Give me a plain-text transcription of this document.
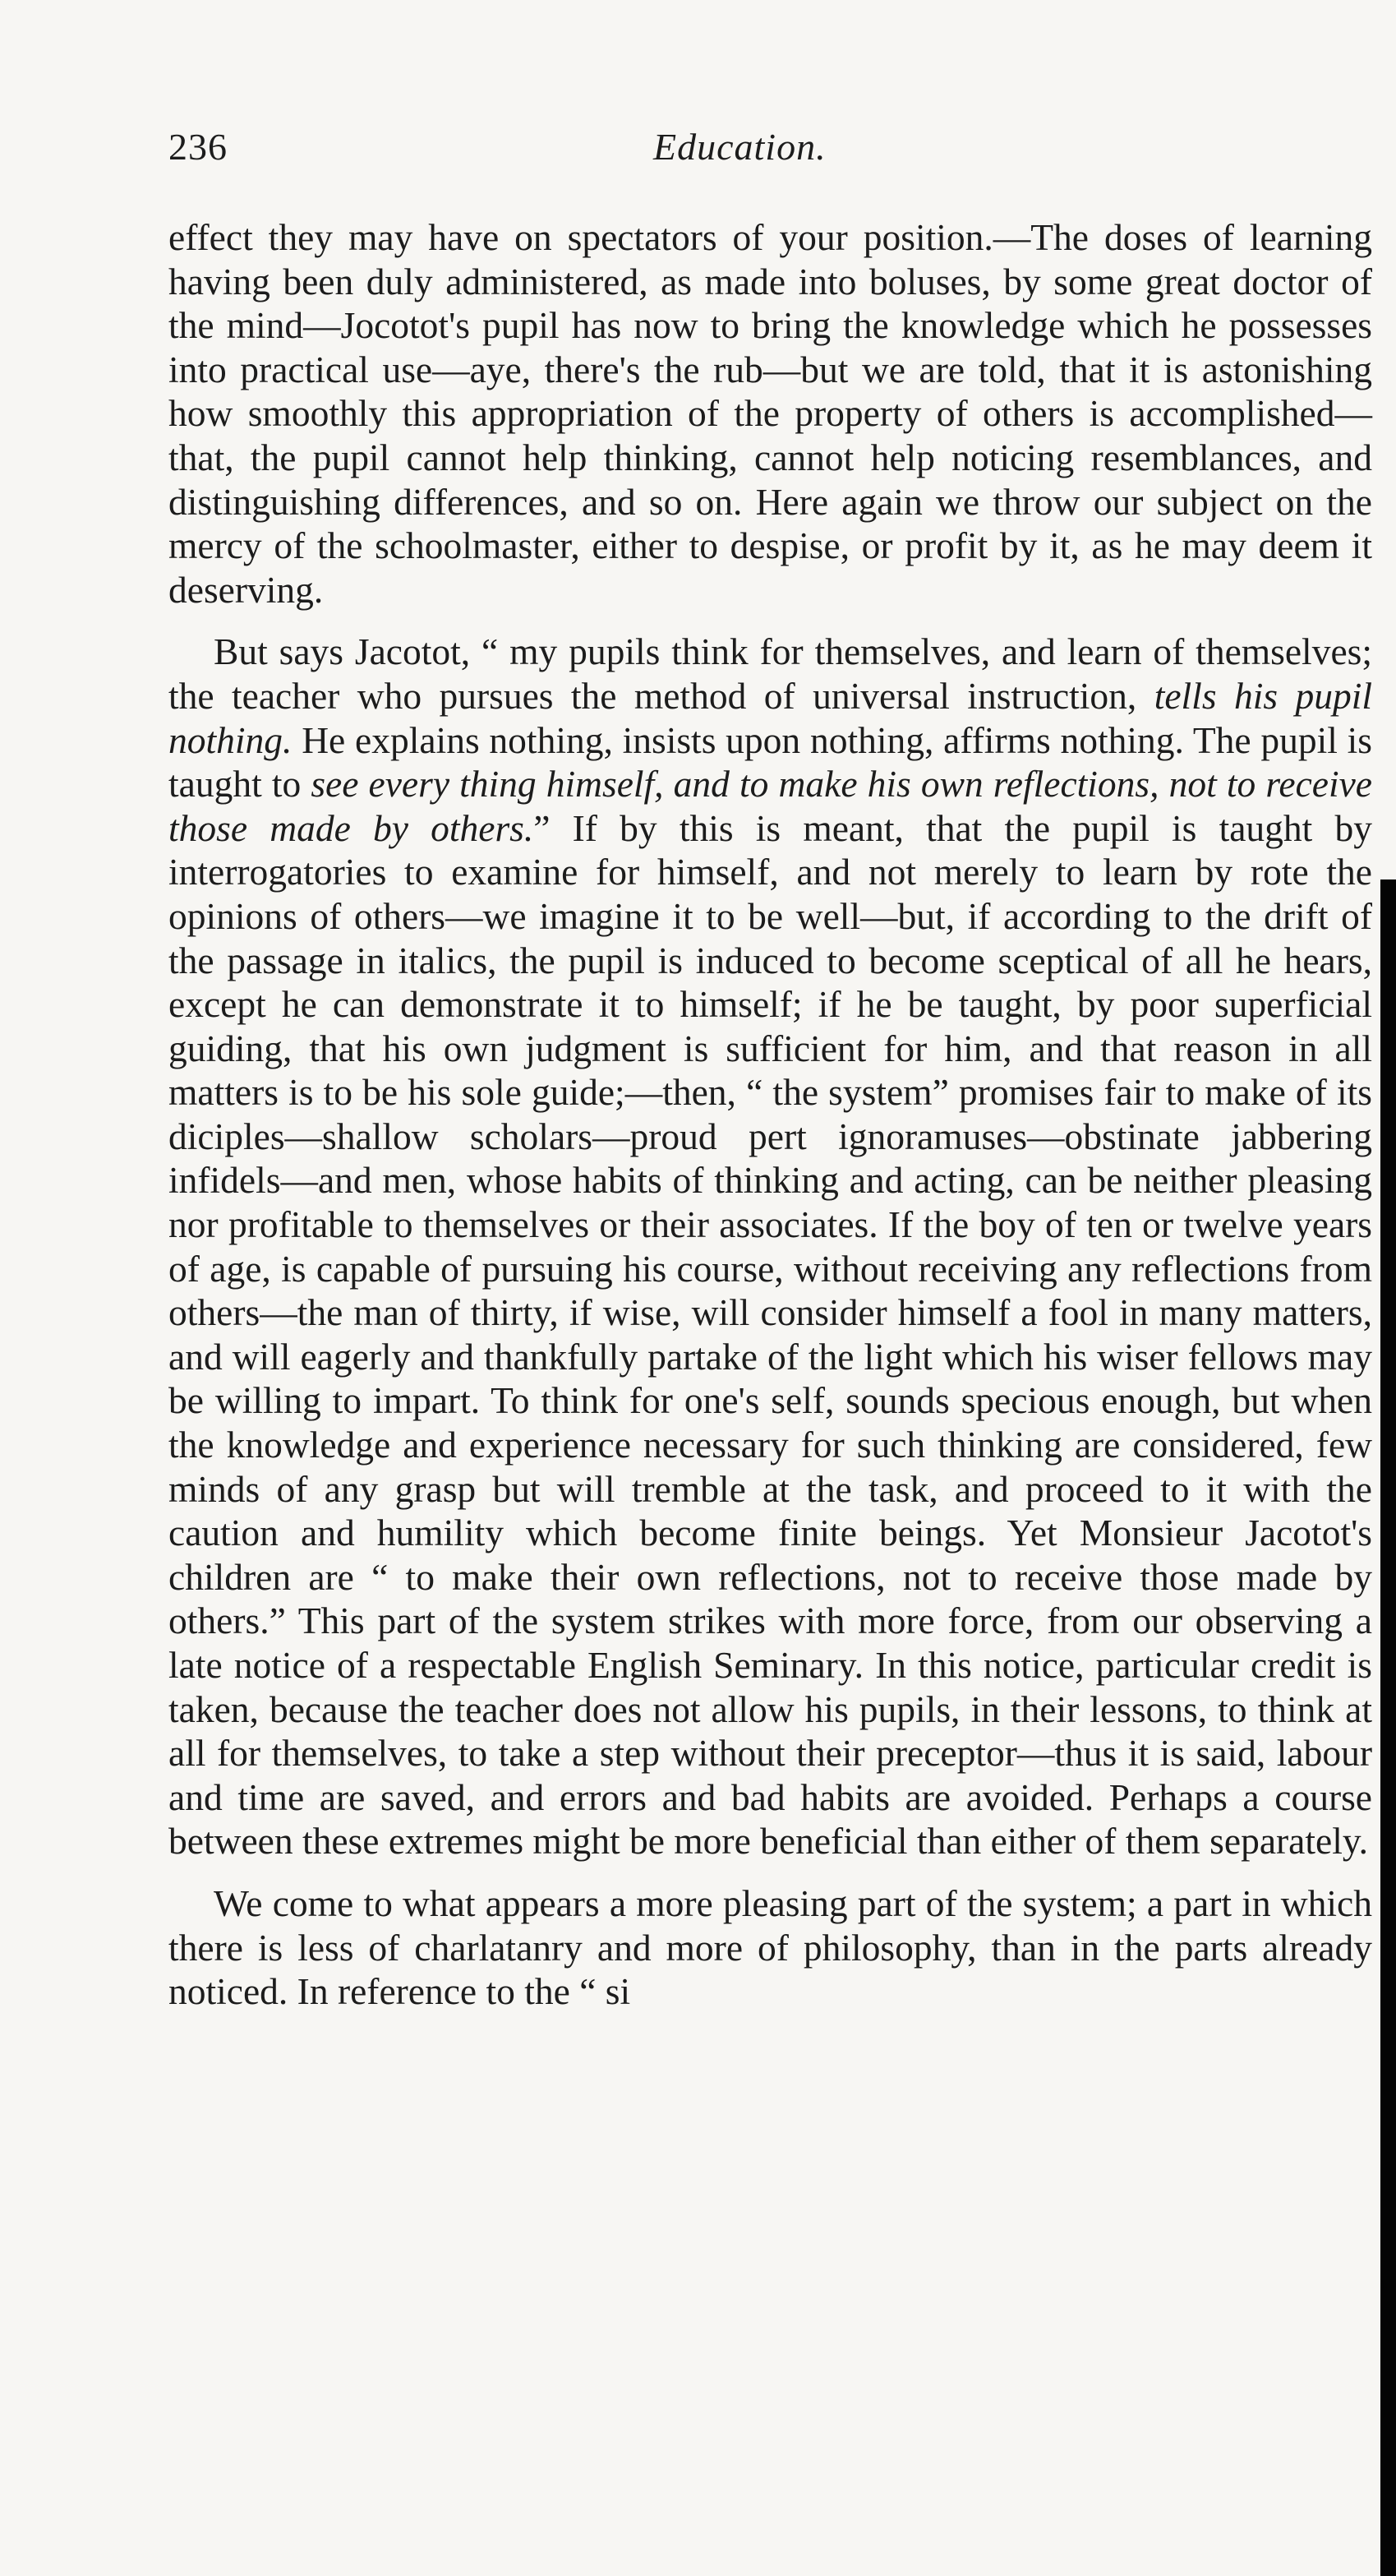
236	Education.

effect they may have on spectators of your position.—The doses of learning having been duly administered, as made into boluses, by some great doctor of the mind—Jocotot's pupil has now to bring the knowledge which he possesses into practical use—aye, there's the rub—but we are told, that it is astonishing how smoothly this appropriation of the property of others is accomplished—that, the pupil cannot help thinking, cannot help noticing resemblances, and distinguishing differences, and so on. Here again we throw our subject on the mercy of the schoolmaster, either to despise, or profit by it, as he may deem it deserving.

But says Jacotot, “ my pupils think for themselves, and learn of themselves; the teacher who pursues the method of universal instruction, tells his pupil nothing. He explains nothing, insists upon nothing, affirms nothing. The pupil is taught to see every thing himself, and to make his own reflections, not to receive those made by others.” If by this is meant, that the pupil is taught by interrogatories to examine for himself, and not merely to learn by rote the opinions of others—we imagine it to be well—but, if according to the drift of the passage in italics, the pupil is induced to become sceptical of all he hears, except he can demonstrate it to himself; if he be taught, by poor superficial guiding, that his own judgment is sufficient for him, and that reason in all matters is to be his sole guide;—then, “ the system” promises fair to make of its diciples—shallow scholars—proud pert ignoramuses—obstinate jabbering infidels—and men, whose habits of thinking and acting, can be neither pleasing nor profitable to themselves or their associates. If the boy of ten or twelve years of age, is capable of pursuing his course, without receiving any reflections from others—the man of thirty, if wise, will consider himself a fool in many matters, and will eagerly and thankfully partake of the light which his wiser fellows may be willing to impart. To think for one's self, sounds specious enough, but when the knowledge and experience necessary for such thinking are considered, few minds of any grasp but will tremble at the task, and proceed to it with the caution and humility which become finite beings. Yet Monsieur Jacotot's children are “ to make their own reflections, not to receive those made by others.” This part of the system strikes with more force, from our observing a late notice of a respectable English Seminary. In this notice, particular credit is taken, because the teacher does not allow his pupils, in their lessons, to think at all for themselves, to take a step without their preceptor—thus it is said, labour and time are saved, and errors and bad habits are avoided. Perhaps a course between these extremes might be more beneficial than either of them separately.

We come to what appears a more pleasing part of the system; a part in which there is less of charlatanry and more of philosophy, than in the parts already noticed. In reference to the “ si
